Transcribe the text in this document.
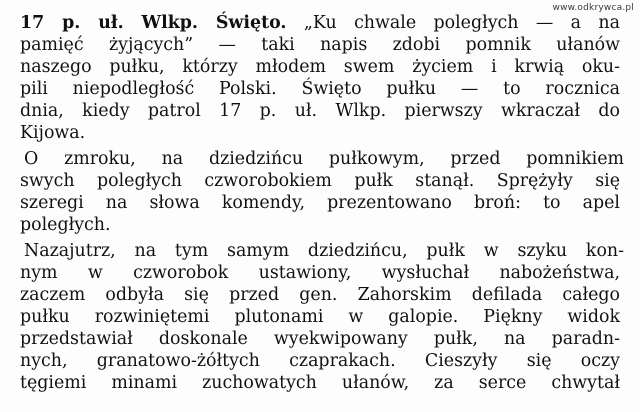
www.odkrywca.pl

17 p. uł. Wlkp. Święto. „Ku chwale poległych — a na
pamięć żyjących” — taki napis zdobi pomnik ułanów
naszego pułku, którzy młodem swem życiem i krwią oku-
pili niepodległość Polski. Święto pułku — to rocznica
dnia, kiedy patrol 17 p. uł. Wlkp. pierwszy wkraczał do
Kijowa.

O zmroku, na dziedzińcu pułkowym, przed pomnikiem
swych poległych czworobokiem pułk stanął. Sprężyły się
szeregi na słowa komendy, prezentowano broń: to apel
poległych.

Nazajutrz, na tym samym dziedzińcu, pułk w szyku kon-
nym w czworobok ustawiony, wysłuchał nabożeństwa,
zaczem odbyła się przed gen. Zahorskim defilada całego
pułku rozwiniętemi plutonami w galopie. Piękny widok
przedstawiał doskonale wyekwipowany pułk, na paradn-
nych, granatowo-żółtych czaprakach. Cieszyły się oczy
tęgiemi minami zuchowatych ułanów, za serce chwytał
